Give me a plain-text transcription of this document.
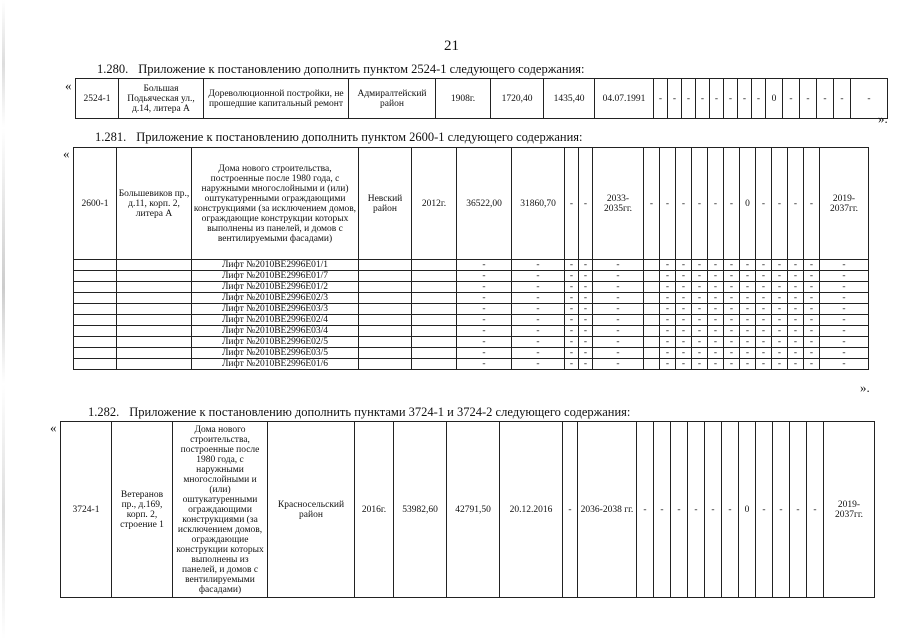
21
1.280. Приложение к постановлению дополнить пунктом 2524-1 следующего содержания:
«
2524-1	Большая Подьяческая ул., д.14, литера А	Дореволюционной постройки, не прошедшие капитальный ремонт	Адмиралтейский район	1908г.	1720,40	1435,40	04.07.1991	-	-	-	-	-	-	-	-	0	-	-	-	-	-
».
1.281. Приложение к постановлению дополнить пунктом 2600-1 следующего содержания:
«
2600-1	Большевиков пр., д.11, корп. 2, литера А	Дома нового строительства, построенные после 1980 года, с наружными многослойными и (или) оштукатуренными ограждающими конструкциями (за исключением домов, ограждающие конструкции которых выполнены из панелей, и домов с вентилируемыми фасадами)	Невский район	2012г.	36522,00	31860,70	-	-	2033-2035гг.	-	-	-	-	-	-	0	-	-	-	-	2019-2037гг.
		Лифт №2010BE2996E01/1			-	-	-	-	-		-	-	-	-	-	-	-	-	-	-	-
		Лифт №2010BE2996E01/7			-	-	-	-	-		-	-	-	-	-	-	-	-	-	-	-
		Лифт №2010BE2996E01/2			-	-	-	-	-		-	-	-	-	-	-	-	-	-	-	-
		Лифт №2010BE2996E02/3			-	-	-	-	-		-	-	-	-	-	-	-	-	-	-	-
		Лифт №2010BE2996E03/3			-	-	-	-	-		-	-	-	-	-	-	-	-	-	-	-
		Лифт №2010BE2996E02/4			-	-	-	-	-		-	-	-	-	-	-	-	-	-	-	-
		Лифт №2010BE2996E03/4			-	-	-	-	-		-	-	-	-	-	-	-	-	-	-	-
		Лифт №2010BE2996E02/5			-	-	-	-	-		-	-	-	-	-	-	-	-	-	-	-
		Лифт №2010BE2996E03/5			-	-	-	-	-		-	-	-	-	-	-	-	-	-	-	-
		Лифт №2010BE2996E01/6			-	-	-	-	-		-	-	-	-	-	-	-	-	-	-	-
».
1.282. Приложение к постановлению дополнить пунктами 3724-1 и 3724-2 следующего содержания:
«
3724-1	Ветеранов пр., д.169, корп. 2, строение 1	Дома нового строительства, построенные после 1980 года, с наружными многослойными и (или) оштукатуренными ограждающими конструкциями (за исключением домов, ограждающие конструкции которых выполнены из панелей, и домов с вентилируемыми фасадами)	Красносельский район	2016г.	53982,60	42791,50	20.12.2016	-	2036-2038 гг.	-	-	-	-	-	-	0	-	-	-	-	2019-2037гг.
